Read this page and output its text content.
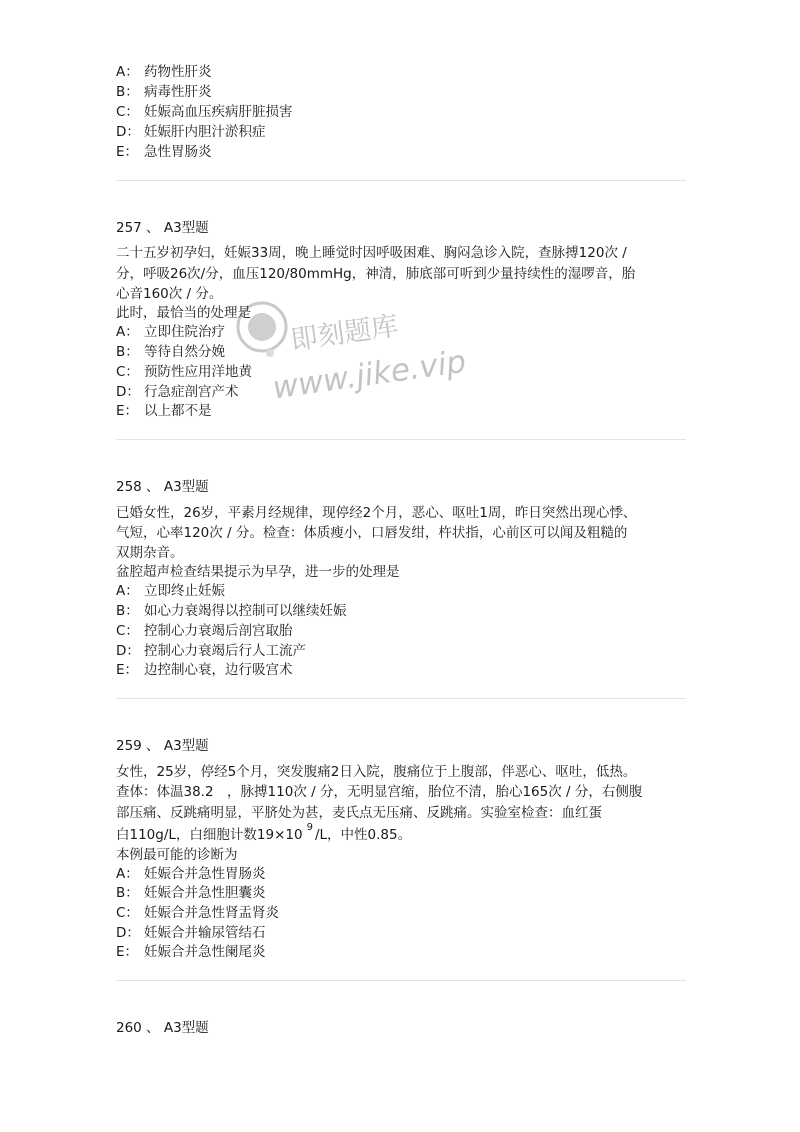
A： 药物性肝炎
B： 病毒性肝炎
C： 妊娠高血压疾病肝脏损害
D： 妊娠肝内胆汁淤积症
E： 急性胃肠炎
257 、 A3型题
二十五岁初孕妇，妊娠33周，晚上睡觉时因呼吸困难、胸闷急诊入院，查脉搏120次 /
分，呼吸26次/分，血压120/80mmHg，神清，肺底部可听到少量持续性的湿啰音，胎
心音160次 / 分。
此时，最恰当的处理是
A： 立即住院治疗
B： 等待自然分娩
C： 预防性应用洋地黄
D： 行急症剖宫产术
E： 以上都不是
258 、 A3型题
已婚女性，26岁，平素月经规律，现停经2个月，恶心、呕吐1周，昨日突然出现心悸、
气短，心率120次 / 分。检查：体质瘦小，口唇发绀，杵状指，心前区可以闻及粗糙的
双期杂音。
盆腔超声检查结果提示为早孕，进一步的处理是
A： 立即终止妊娠
B： 如心力衰竭得以控制可以继续妊娠
C： 控制心力衰竭后剖宫取胎
D： 控制心力衰竭后行人工流产
E： 边控制心衰，边行吸宫术
259 、 A3型题
女性，25岁，停经5个月，突发腹痛2日入院，腹痛位于上腹部，伴恶心、呕吐，低热。
查体：体温38.2　，脉搏110次 / 分，无明显宫缩，胎位不清，胎心165次 / 分，右侧腹
部压痛、反跳痛明显，平脐处为甚，麦氏点无压痛、反跳痛。实验室检查：血红蛋
白110g/L，白细胞计数19×10 $^9$ /L，中性0.85。
本例最可能的诊断为
A： 妊娠合并急性胃肠炎
B： 妊娠合并急性胆囊炎
C： 妊娠合并急性肾盂肾炎
D： 妊娠合并输尿管结石
E： 妊娠合并急性阑尾炎
260 、 A3型题
即刻题库
www.jike.vip
